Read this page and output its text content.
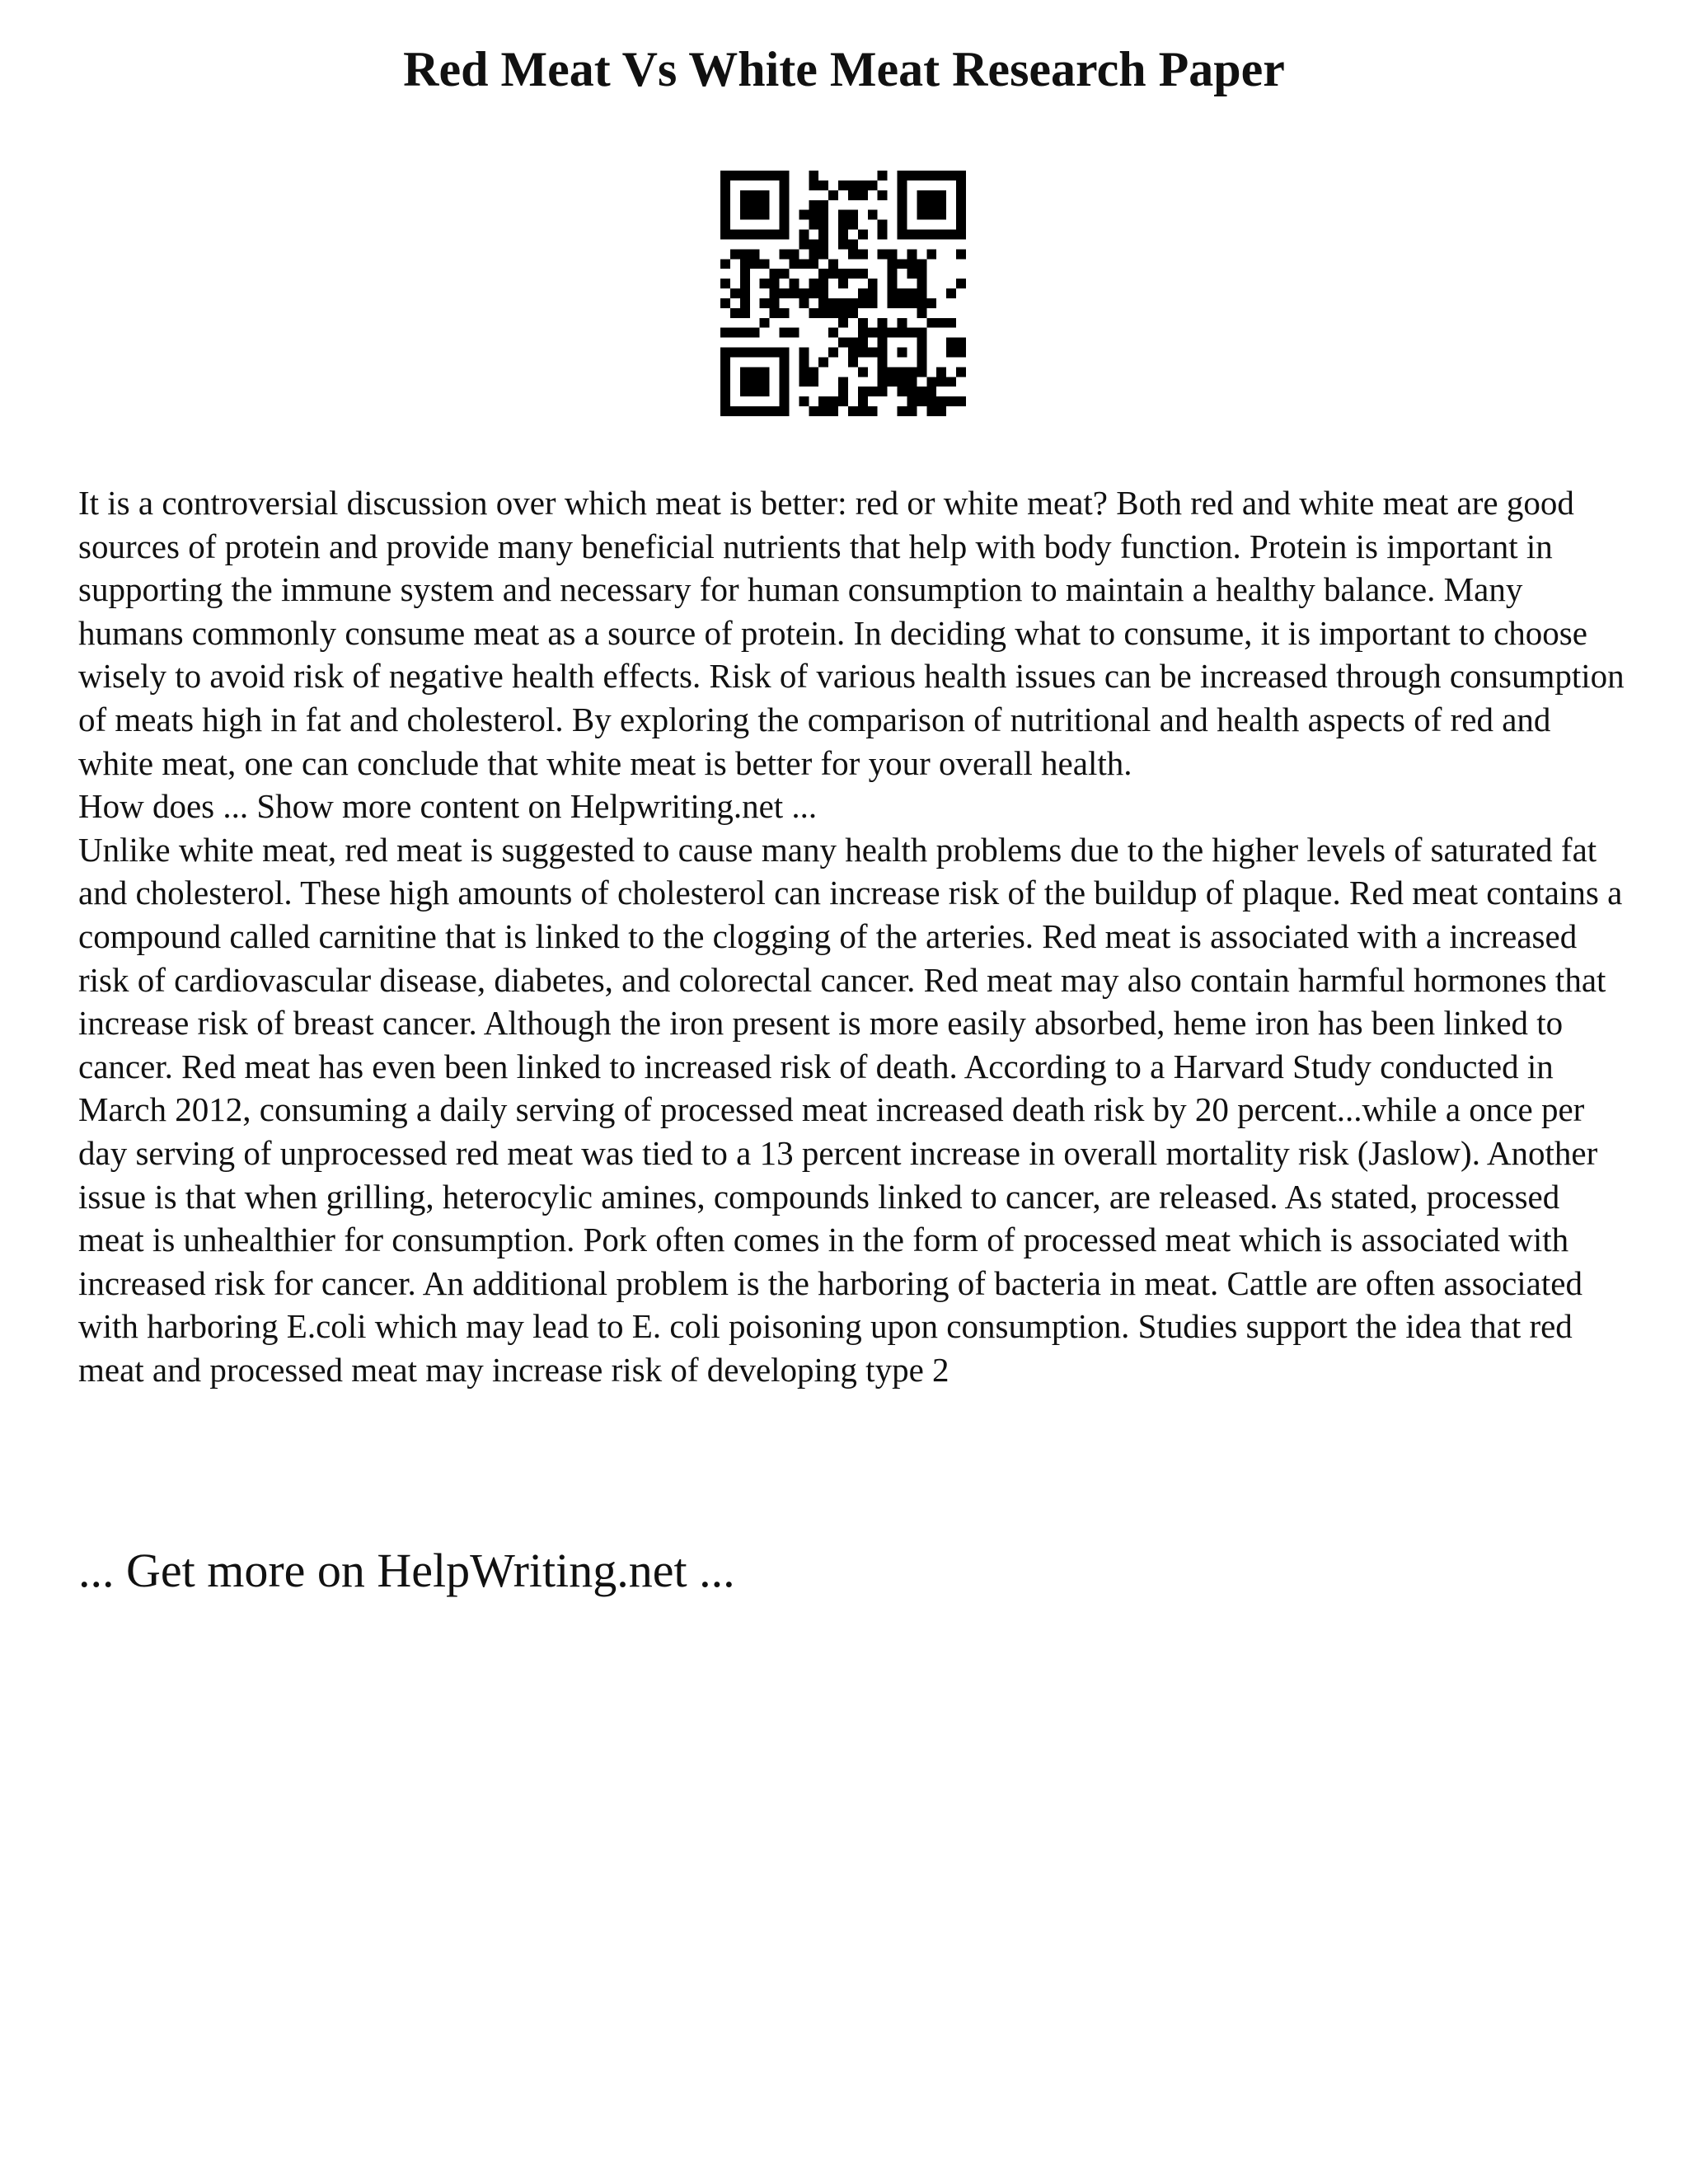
Red Meat Vs White Meat Research Paper

It is a controversial discussion over which meat is better: red or white meat? Both red and white meat are good sources of protein and provide many beneficial nutrients that help with body function. Protein is important in supporting the immune system and necessary for human consumption to maintain a healthy balance. Many humans commonly consume meat as a source of protein. In deciding what to consume, it is important to choose wisely to avoid risk of negative health effects. Risk of various health issues can be increased through consumption of meats high in fat and cholesterol. By exploring the comparison of nutritional and health aspects of red and white meat, one can conclude that white meat is better for your overall health.

How does ... Show more content on Helpwriting.net ...

Unlike white meat, red meat is suggested to cause many health problems due to the higher levels of saturated fat and cholesterol. These high amounts of cholesterol can increase risk of the buildup of plaque. Red meat contains a compound called carnitine that is linked to the clogging of the arteries. Red meat is associated with a increased risk of cardiovascular disease, diabetes, and colorectal cancer. Red meat may also contain harmful hormones that increase risk of breast cancer. Although the iron present is more easily absorbed, heme iron has been linked to cancer. Red meat has even been linked to increased risk of death. According to a Harvard Study conducted in March 2012, consuming a daily serving of processed meat increased death risk by 20 percent...while a once per day serving of unprocessed red meat was tied to a 13 percent increase in overall mortality risk (Jaslow). Another issue is that when grilling, heterocylic amines, compounds linked to cancer, are released. As stated, processed meat is unhealthier for consumption. Pork often comes in the form of processed meat which is associated with increased risk for cancer. An additional problem is the harboring of bacteria in meat. Cattle are often associated with harboring E.coli which may lead to E. coli poisoning upon consumption. Studies support the idea that red meat and processed meat may increase risk of developing type 2

... Get more on HelpWriting.net ...
